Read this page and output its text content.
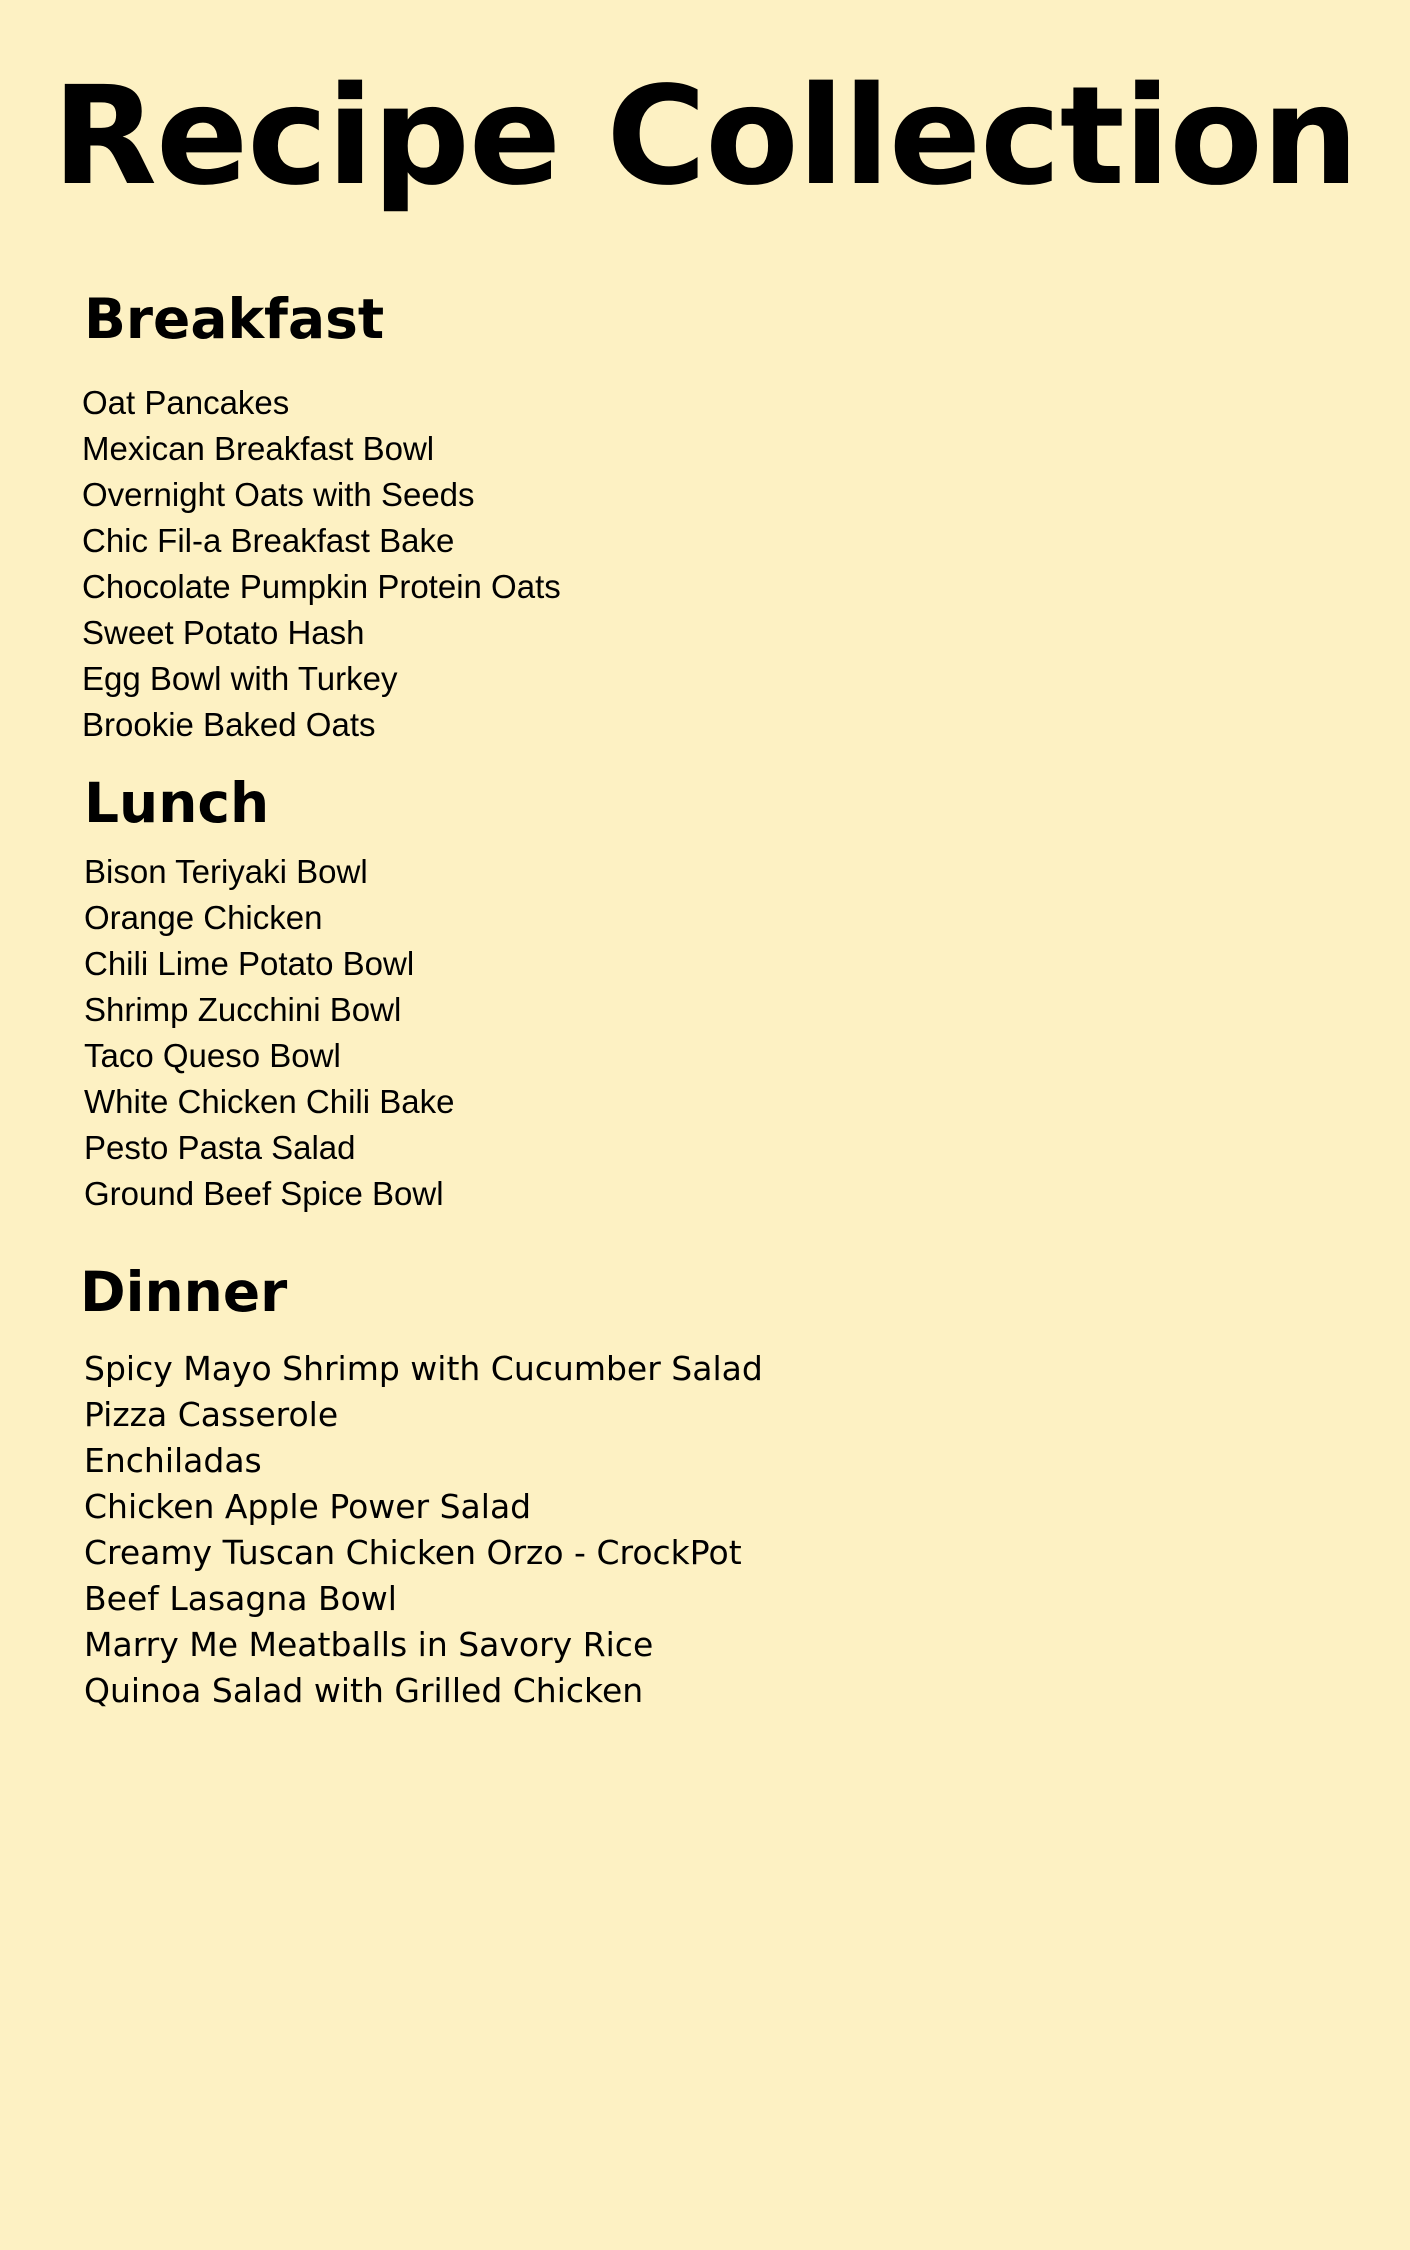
Recipe Collection
Breakfast
Oat Pancakes
Mexican Breakfast Bowl
Overnight Oats with Seeds
Chic Fil-a Breakfast Bake
Chocolate Pumpkin Protein Oats
Sweet Potato Hash
Egg Bowl with Turkey
Brookie Baked Oats
Lunch
Bison Teriyaki Bowl
Orange Chicken
Chili Lime Potato Bowl
Shrimp Zucchini Bowl
Taco Queso Bowl
White Chicken Chili Bake
Pesto Pasta Salad
Ground Beef Spice Bowl
Dinner
Spicy Mayo Shrimp with Cucumber Salad
Pizza Casserole
Enchiladas
Chicken Apple Power Salad
Creamy Tuscan Chicken Orzo - CrockPot
Beef Lasagna Bowl
Marry Me Meatballs in Savory Rice
Quinoa Salad with Grilled Chicken
